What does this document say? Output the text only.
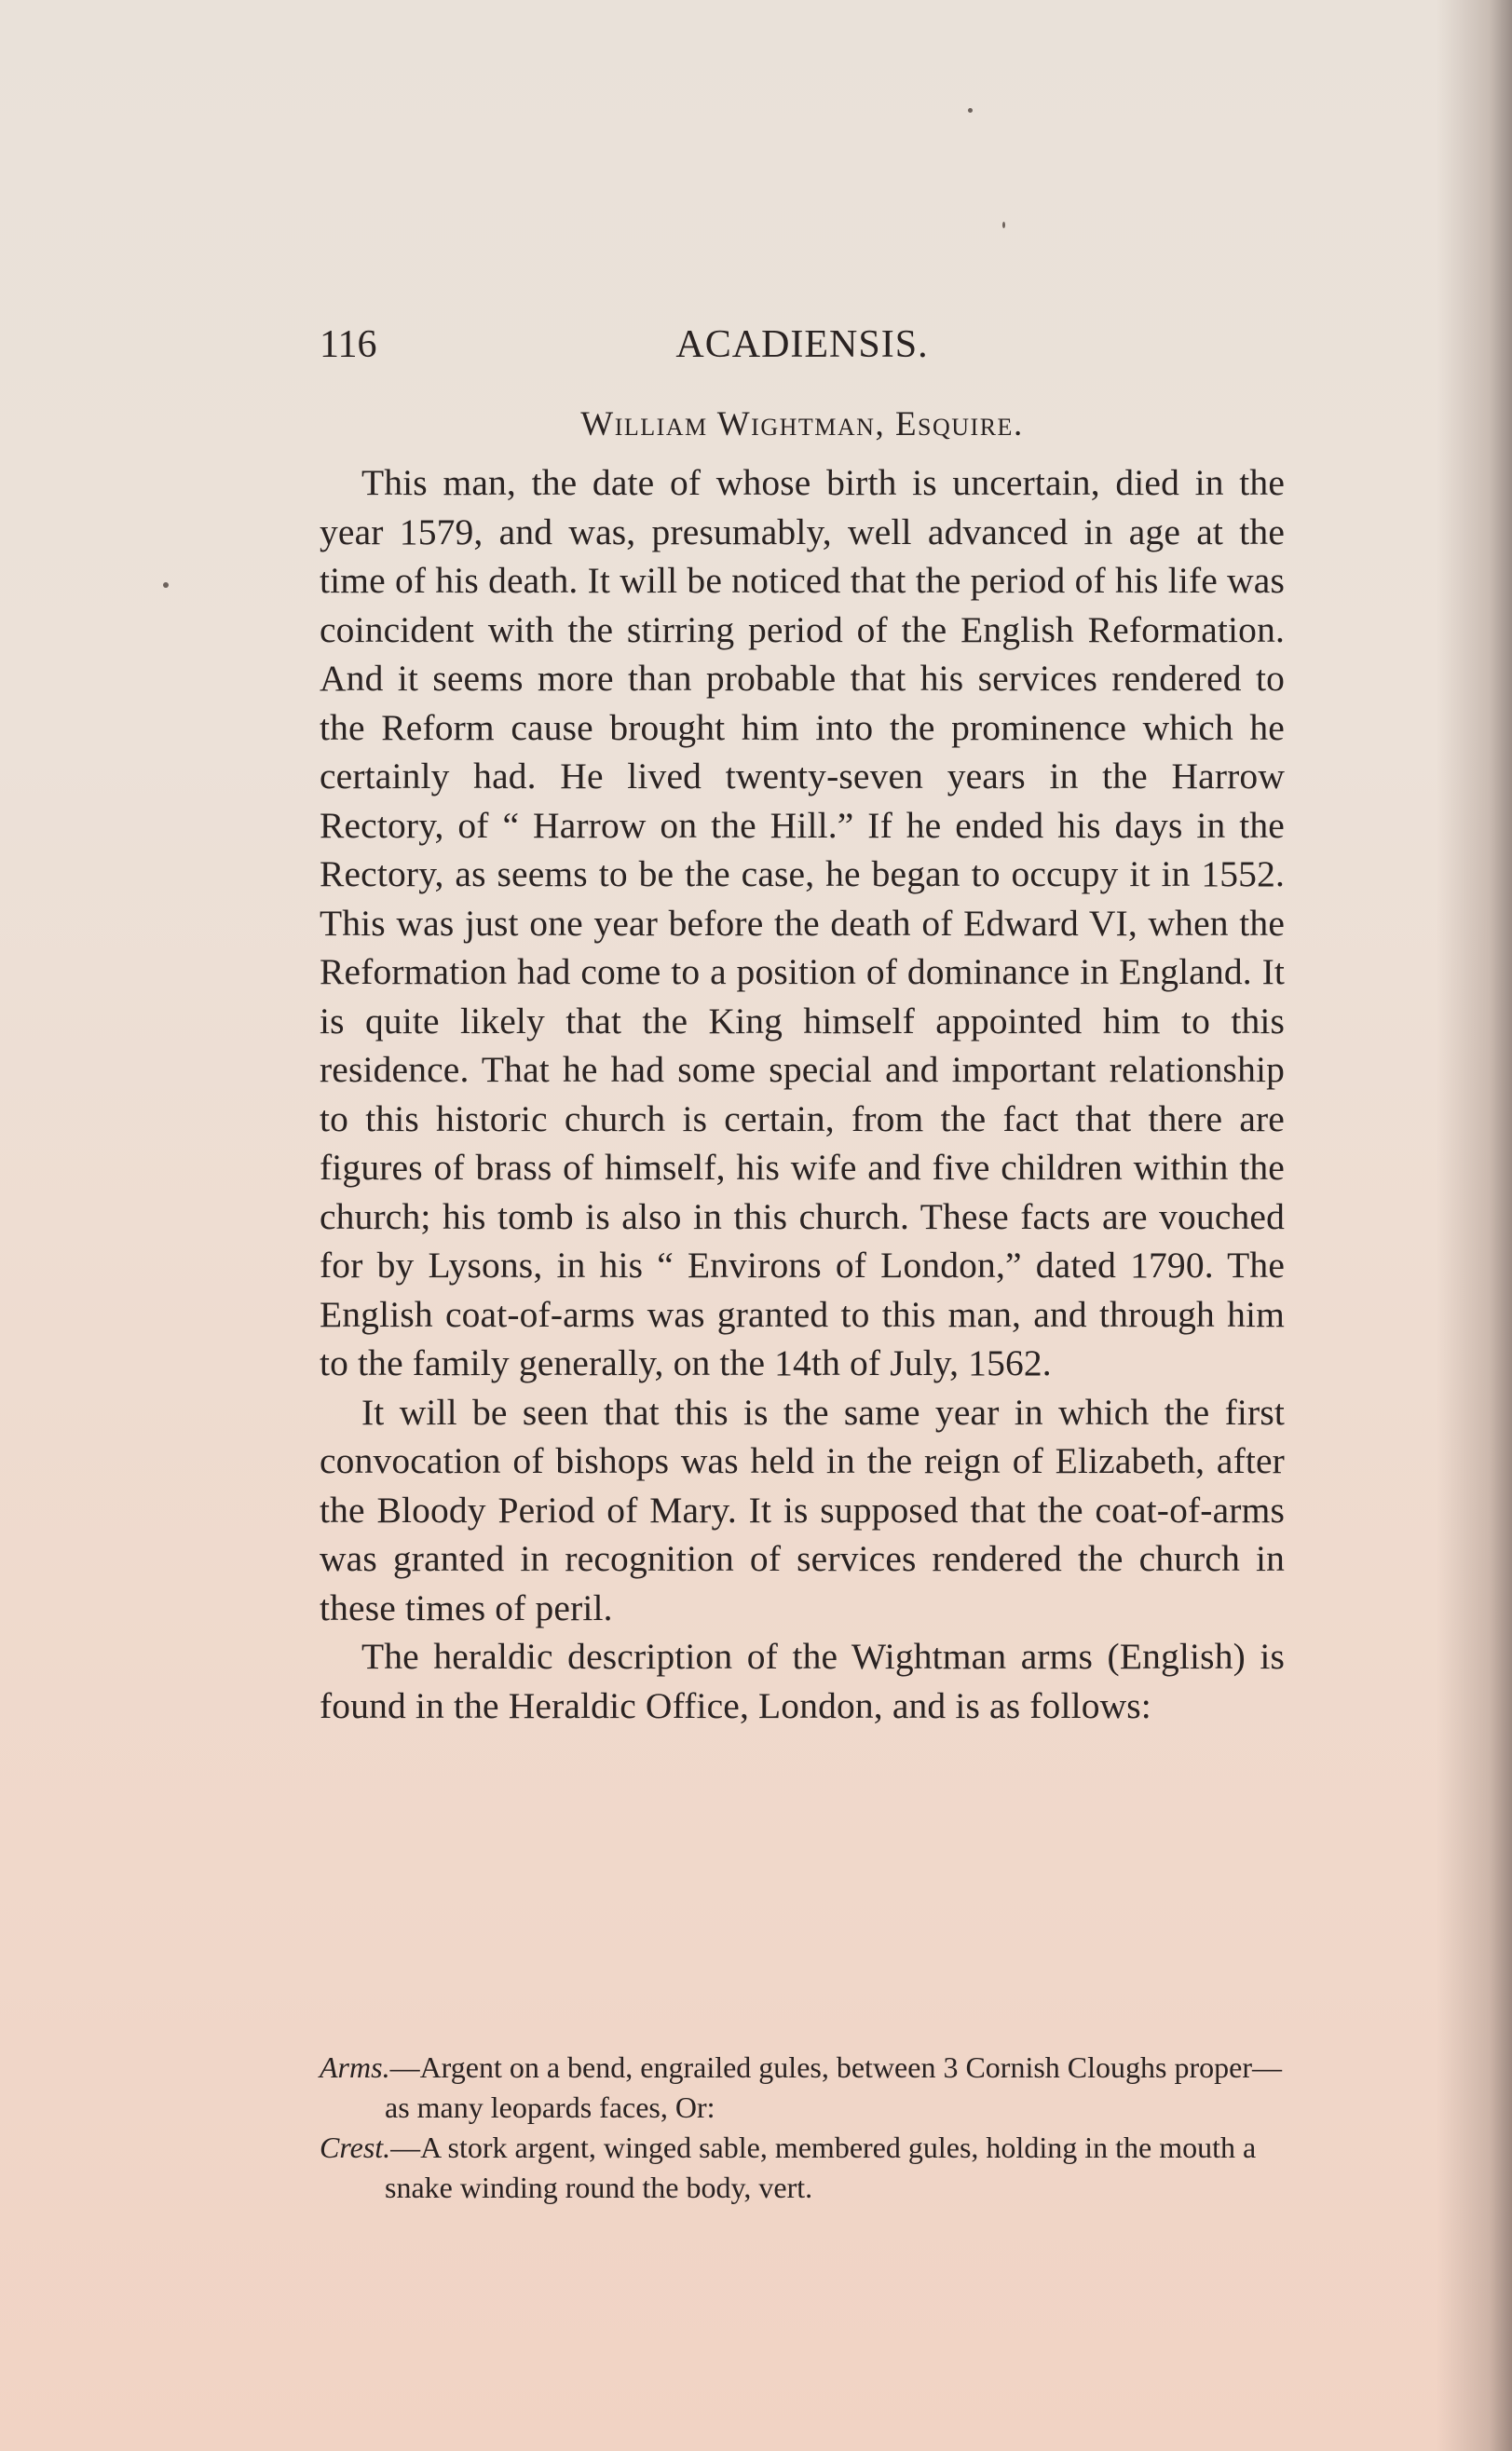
116	ACADIENSIS.
William Wightman, Esquire.

This man, the date of whose birth is uncertain, died in the year 1579, and was, presumably, well advanced in age at the time of his death. It will be noticed that the period of his life was coincident with the stirring period of the English Reformation. And it seems more than probable that his services rendered to the Reform cause brought him into the prominence which he certainly had. He lived twenty-seven years in the Harrow Rectory, of “ Harrow on the Hill.” If he ended his days in the Rectory, as seems to be the case, he began to occupy it in 1552. This was just one year before the death of Edward VI, when the Reformation had come to a position of dominance in England. It is quite likely that the King himself appointed him to this residence. That he had some special and important relationship to this historic church is certain, from the fact that there are figures of brass of himself, his wife and five children within the church; his tomb is also in this church. These facts are vouched for by Lysons, in his “ Environs of London,” dated 1790. The English coat-of-arms was granted to this man, and through him to the family generally, on the 14th of July, 1562.

It will be seen that this is the same year in which the first convocation of bishops was held in the reign of Elizabeth, after the Bloody Period of Mary. It is supposed that the coat-of-arms was granted in recognition of services rendered the church in these times of peril.

The heraldic description of the Wightman arms (English) is found in the Heraldic Office, London, and is as follows:

Arms.—Argent on a bend, engrailed gules, between 3 Cornish Cloughs proper—as many leopards faces, Or:

Crest.—A stork argent, winged sable, membered gules, holding in the mouth a snake winding round the body, vert.
